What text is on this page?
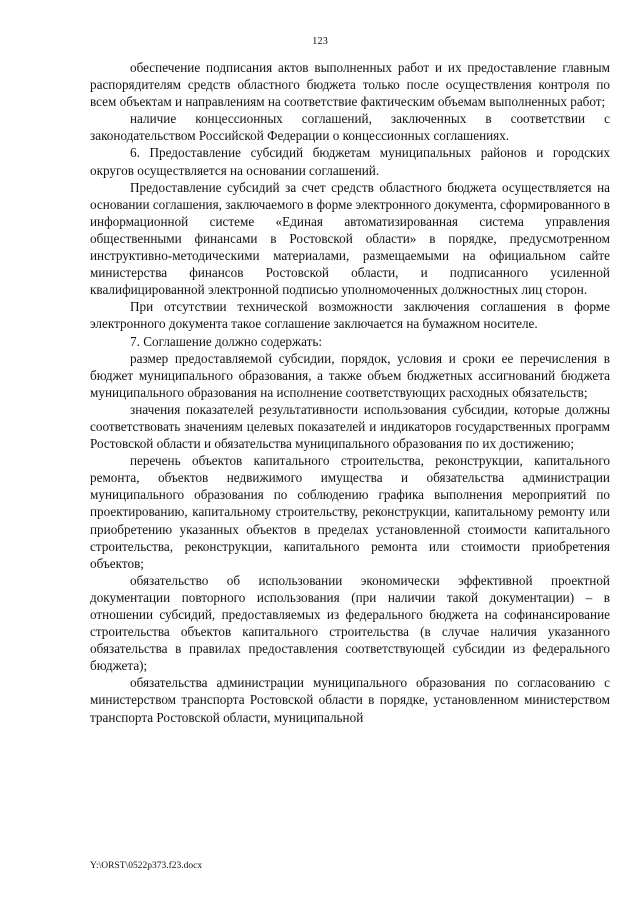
123

обеспечение подписания актов выполненных работ и их предоставление главным распорядителям средств областного бюджета только после осуществления контроля по всем объектам и направлениям на соответствие фактическим объемам выполненных работ;

наличие концессионных соглашений, заключенных в соответствии с законодательством Российской Федерации о концессионных соглашениях.

6. Предоставление субсидий бюджетам муниципальных районов и городских округов осуществляется на основании соглашений.

Предоставление субсидий за счет средств областного бюджета осуществляется на основании соглашения, заключаемого в форме электронного документа, сформированного в информационной системе «Единая автоматизированная система управления общественными финансами в Ростовской области» в порядке, предусмотренном инструктивно-методическими материалами, размещаемыми на официальном сайте министерства финансов Ростовской области, и подписанного усиленной квалифицированной электронной подписью уполномоченных должностных лиц сторон.

При отсутствии технической возможности заключения соглашения в форме электронного документа такое соглашение заключается на бумажном носителе.

7. Соглашение должно содержать:

размер предоставляемой субсидии, порядок, условия и сроки ее перечисления в бюджет муниципального образования, а также объем бюджетных ассигнований бюджета муниципального образования на исполнение соответствующих расходных обязательств;

значения показателей результативности использования субсидии, которые должны соответствовать значениям целевых показателей и индикаторов государственных программ Ростовской области и обязательства муниципального образования по их достижению;

перечень объектов капитального строительства, реконструкции, капитального ремонта, объектов недвижимого имущества и обязательства администрации муниципального образования по соблюдению графика выполнения мероприятий по проектированию, капитальному строительству, реконструкции, капитальному ремонту или приобретению указанных объектов в пределах установленной стоимости капитального строительства, реконструкции, капитального ремонта или стоимости приобретения объектов;

обязательство об использовании экономически эффективной проектной документации повторного использования (при наличии такой документации) – в отношении субсидий, предоставляемых из федерального бюджета на софинансирование строительства объектов капитального строительства (в случае наличия указанного обязательства в правилах предоставления соответствующей субсидии из федерального бюджета);

обязательства администрации муниципального образования по согласованию с министерством транспорта Ростовской области в порядке, установленном министерством транспорта Ростовской области, муниципальной

Y:\ORST\0522p373.f23.docx
